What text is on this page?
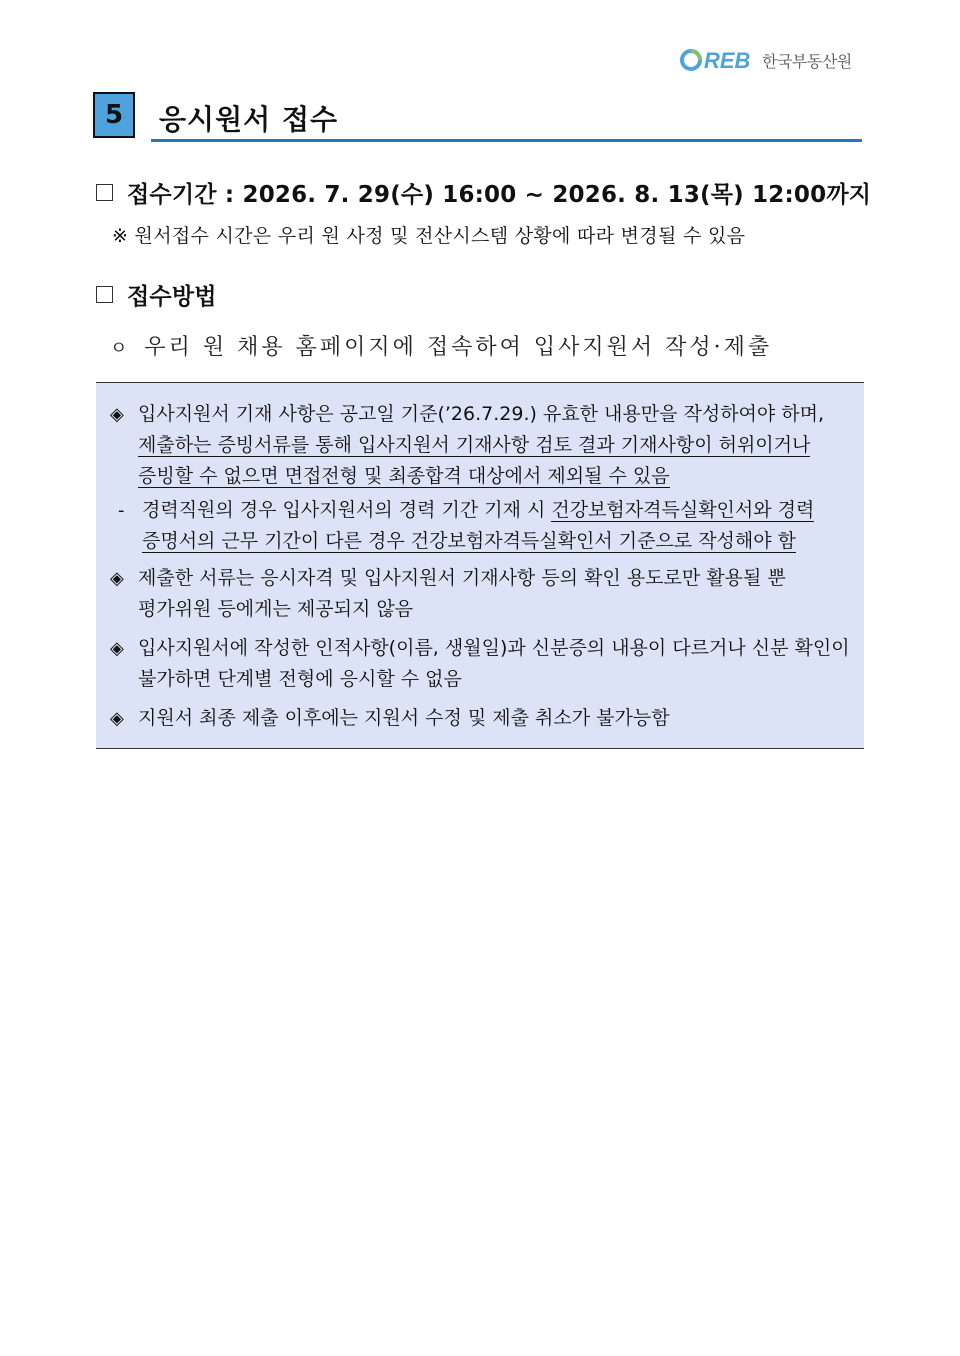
REB 한국부동산원
5	응시원서 접수
접수기간 : 2026. 7. 29(수) 16:00 ~ 2026. 8. 13(목) 12:00까지
※ 원서접수 시간은 우리 원 사정 및 전산시스템 상황에 따라 변경될 수 있음
접수방법
ㅇ 우리 원 채용 홈페이지에 접속하여 입사지원서 작성·제출
◈ 입사지원서 기재 사항은 공고일 기준(’26.7.29.) 유효한 내용만을 작성하여야 하며,
제출하는 증빙서류를 통해 입사지원서 기재사항 검토 결과 기재사항이 허위이거나
증빙할 수 없으면 면접전형 및 최종합격 대상에서 제외될 수 있음
- 경력직원의 경우 입사지원서의 경력 기간 기재 시 건강보험자격득실확인서와 경력
증명서의 근무 기간이 다른 경우 건강보험자격득실확인서 기준으로 작성해야 함
◈ 제출한 서류는 응시자격 및 입사지원서 기재사항 등의 확인 용도로만 활용될 뿐
평가위원 등에게는 제공되지 않음
◈ 입사지원서에 작성한 인적사항(이름, 생월일)과 신분증의 내용이 다르거나 신분 확인이
불가하면 단계별 전형에 응시할 수 없음
◈ 지원서 최종 제출 이후에는 지원서 수정 및 제출 취소가 불가능함
